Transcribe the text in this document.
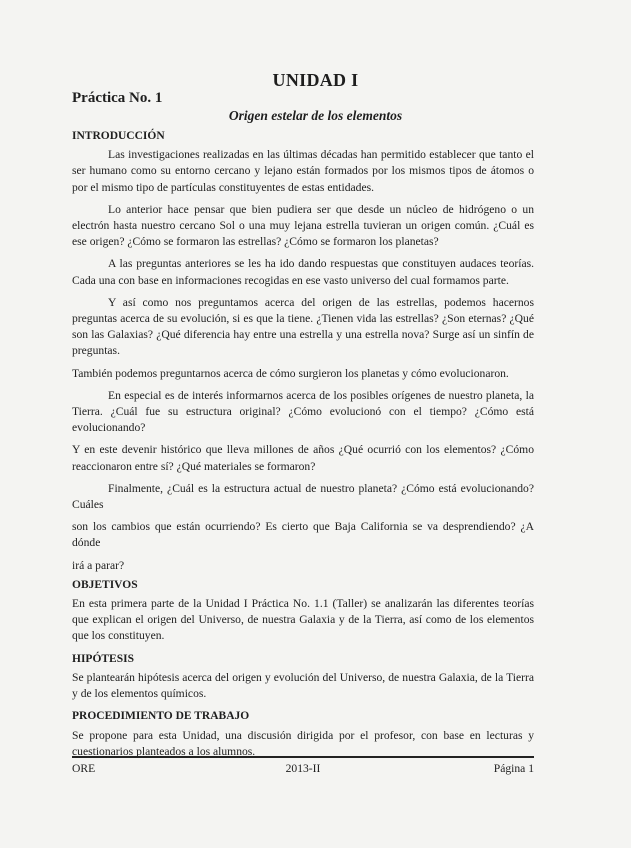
UNIDAD I
Práctica No. 1
Origen estelar de los elementos
INTRODUCCIÓN

Las investigaciones realizadas en las últimas décadas han permitido establecer que tanto el ser humano como su entorno cercano y lejano están formados por los mismos tipos de átomos o por el mismo tipo de partículas constituyentes de estas entidades.

Lo anterior hace pensar que bien pudiera ser que desde un núcleo de hidrógeno o un electrón hasta nuestro cercano Sol o una muy lejana estrella tuvieran un origen común. ¿Cuál es ese origen? ¿Cómo se formaron las estrellas? ¿Cómo se formaron los planetas?

A las preguntas anteriores se les ha ido dando respuestas que constituyen audaces teorías. Cada una con base en informaciones recogidas en ese vasto universo del cual formamos parte.

Y así como nos preguntamos acerca del origen de las estrellas, podemos hacernos preguntas acerca de su evolución, si es que la tiene. ¿Tienen vida las estrellas? ¿Son eternas? ¿Qué son las Galaxias? ¿Qué diferencia hay entre una estrella y una estrella nova? Surge así un sinfín de preguntas.

También podemos preguntarnos acerca de cómo surgieron los planetas y cómo evolucionaron.

En especial es de interés informarnos acerca de los posibles orígenes de nuestro planeta, la Tierra. ¿Cuál fue su estructura original? ¿Cómo evolucionó con el tiempo? ¿Cómo está evolucionando?

Y en este devenir histórico que lleva millones de años ¿Qué ocurrió con los elementos? ¿Cómo reaccionaron entre sí? ¿Qué materiales se formaron?

Finalmente, ¿Cuál es la estructura actual de nuestro planeta? ¿Cómo está evolucionando? Cuáles

son los cambios que están ocurriendo? Es cierto que Baja California se va desprendiendo? ¿A dónde

irá a parar?

OBJETIVOS

En esta primera parte de la Unidad I Práctica No. 1.1 (Taller) se analizarán las diferentes teorías que explican el origen del Universo, de nuestra Galaxia y de la Tierra, así como de los elementos que los constituyen.

HIPÓTESIS

Se plantearán hipótesis acerca del origen y evolución del Universo, de nuestra Galaxia, de la Tierra y de los elementos químicos.

PROCEDIMIENTO DE TRABAJO

Se propone para esta Unidad, una discusión dirigida por el profesor, con base en lecturas y cuestionarios planteados a los alumnos.

ORE	2013-II	Página 1
